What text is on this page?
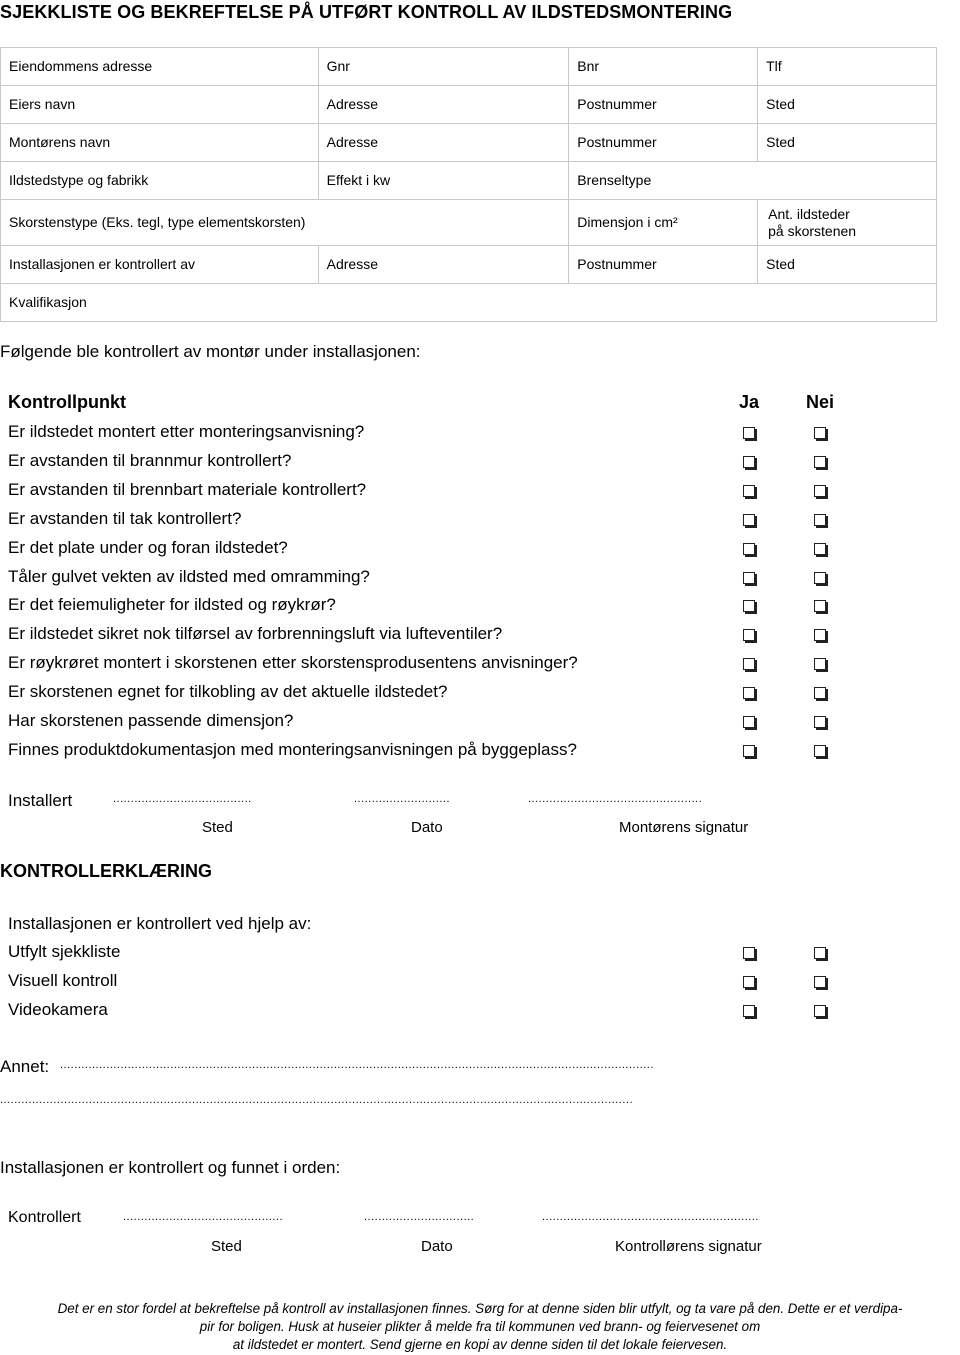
SJEKKLISTE OG BEKREFTELSE PÅ UTFØRT KONTROLL AV ILDSTEDSMONTERING
Eiendommens adresse	Gnr	Bnr	Tlf
Eiers navn	Adresse	Postnummer	Sted
Montørens navn	Adresse	Postnummer	Sted
Ildstedstype og fabrikk	Effekt i kw	Brenseltype	
Skorstenstype (Eks. tegl, type elementskorsten)		Dimensjon i cm²	Ant. ildsteder
på skorstenen

Installasjonen er kontrollert av	Adresse	Postnummer	Sted
Kvalifikasjon			
Følgende ble kontrollert av montør under installasjonen:
Kontrollpunkt	Ja	Nei
Er ildstedet montert etter monteringsanvisning?
Er avstanden til brannmur kontrollert?
Er avstanden til brennbart materiale kontrollert?
Er avstanden til tak kontrollert?
Er det plate under og foran ildstedet?
Tåler gulvet vekten av ildsted med omramming?
Er det feiemuligheter for ildsted og røykrør?
Er ildstedet sikret nok tilførsel av forbrenningsluft via lufteventiler?
Er røykrøret montert i skorstenen etter skorstensprodusentens anvisninger?
Er skorstenen egnet for tilkobling av det aktuelle ildstedet?
Har skorstenen passende dimensjon?
Finnes produktdokumentasjon med monteringsanvisningen på byggeplass?
Installert	.......................................	...........................	.................................................
Sted	Dato	Montørens signatur
KONTROLLERKLÆRING
Installasjonen er kontrollert ved hjelp av:
Utfylt sjekkliste
Visuell kontroll
Videokamera
Annet: .......................................................................................................................................................................
..................................................................................................................................................................................
Installasjonen er kontrollert og funnet i orden:
Kontrollert	.............................................	...............................	.............................................................
Sted	Dato	Kontrollørens signatur
Det er en stor fordel at bekreftelse på kontroll av installasjonen finnes. Sørg for at denne siden blir utfylt, og ta vare på den. Dette er et verdipa-
pir for boligen. Husk at huseier plikter å melde fra til kommunen ved brann- og feiervesenet om
at ildstedet er montert. Send gjerne en kopi av denne siden til det lokale feiervesen.
